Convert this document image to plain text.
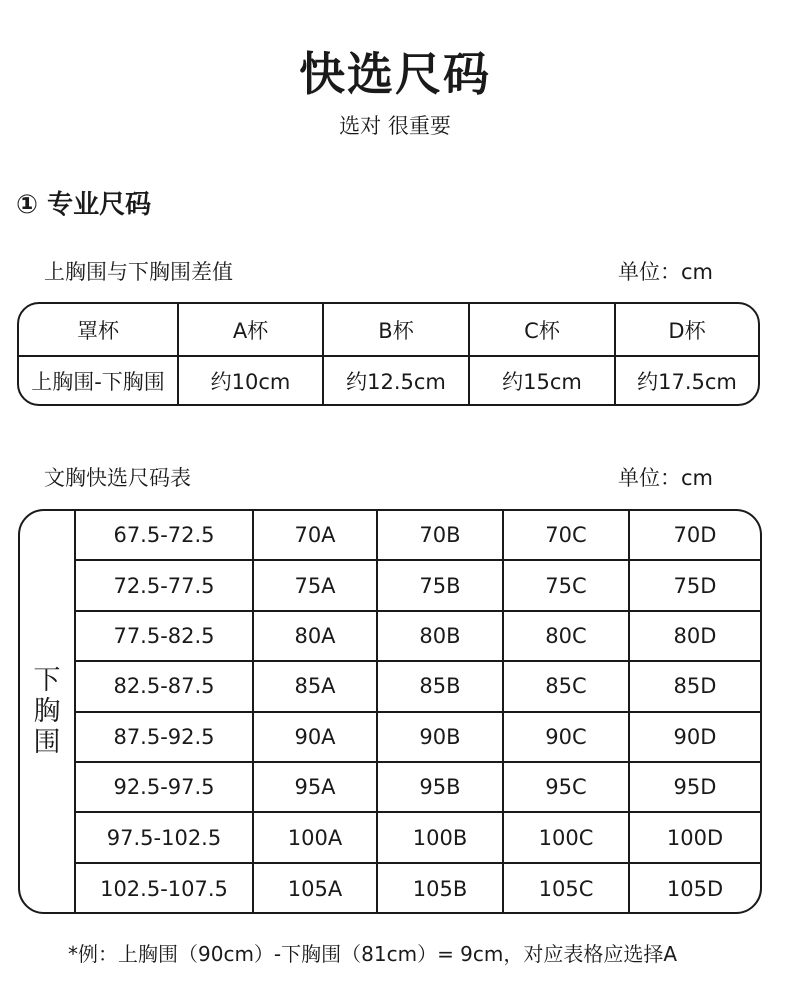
快选尺码
选对 很重要
① 专业尺码
上胸围与下胸围差值	单位：cm
罩杯	A杯	B杯	C杯	D杯
上胸围-下胸围	约10cm	约12.5cm	约15cm	约17.5cm
文胸快选尺码表	单位：cm
下胸围
67.5-72.5	70A	70B	70C	70D
72.5-77.5	75A	75B	75C	75D
77.5-82.5	80A	80B	80C	80D
82.5-87.5	85A	85B	85C	85D
87.5-92.5	90A	90B	90C	90D
92.5-97.5	95A	95B	95C	95D
97.5-102.5	100A	100B	100C	100D
102.5-107.5	105A	105B	105C	105D
*例：上胸围（90cm）-下胸围（81cm）= 9cm，对应表格应选择A
